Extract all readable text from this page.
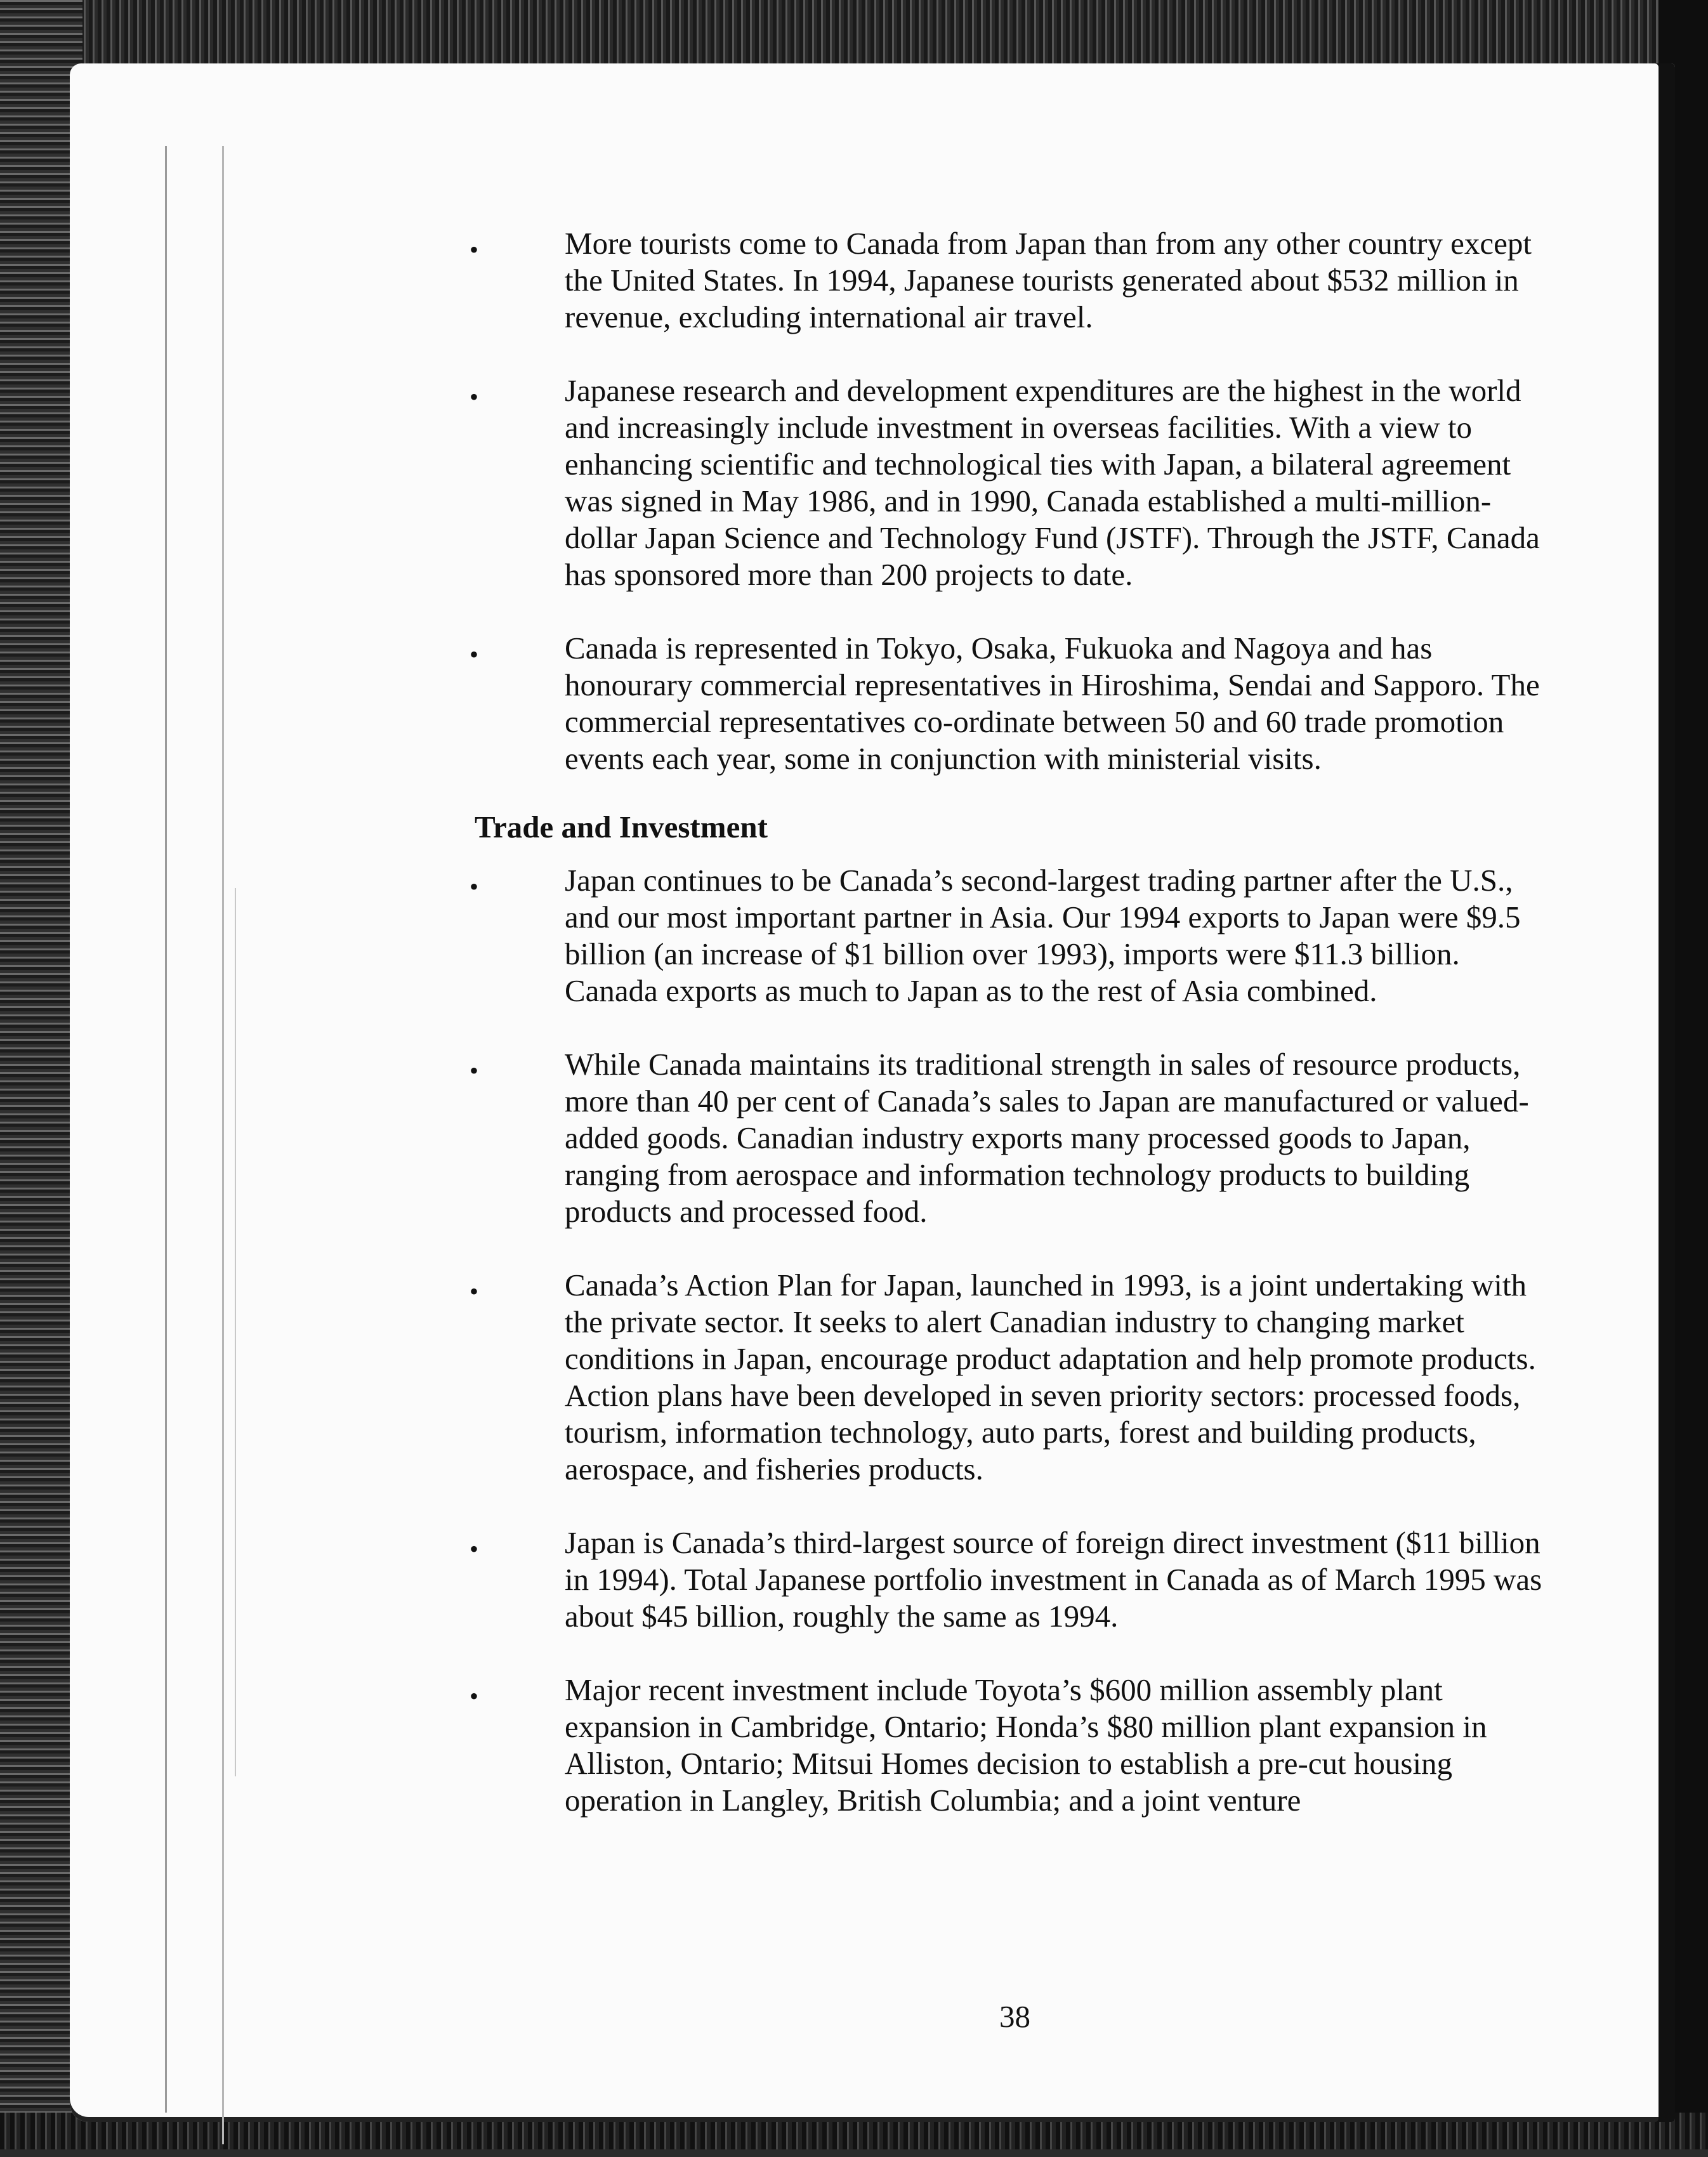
•	More tourists come to Canada from Japan than from any other country except the United States. In 1994, Japanese tourists generated about $532 million in revenue, excluding international air travel.
•	Japanese research and development expenditures are the highest in the world and increasingly include investment in overseas facilities. With a view to enhancing scientific and technological ties with Japan, a bilateral agreement was signed in May 1986, and in 1990, Canada established a multi-million-dollar Japan Science and Technology Fund (JSTF). Through the JSTF, Canada has sponsored more than 200 projects to date.
•	Canada is represented in Tokyo, Osaka, Fukuoka and Nagoya and has honourary commercial representatives in Hiroshima, Sendai and Sapporo. The commercial representatives co-ordinate between 50 and 60 trade promotion events each year, some in conjunction with ministerial visits.
Trade and Investment
•	Japan continues to be Canada’s second-largest trading partner after the U.S., and our most important partner in Asia. Our 1994 exports to Japan were $9.5 billion (an increase of $1 billion over 1993), imports were $11.3 billion. Canada exports as much to Japan as to the rest of Asia combined.
•	While Canada maintains its traditional strength in sales of resource products, more than 40 per cent of Canada’s sales to Japan are manufactured or valued-added goods. Canadian industry exports many processed goods to Japan, ranging from aerospace and information technology products to building products and processed food.
•	Canada’s Action Plan for Japan, launched in 1993, is a joint undertaking with the private sector. It seeks to alert Canadian industry to changing market conditions in Japan, encourage product adaptation and help promote products. Action plans have been developed in seven priority sectors: processed foods, tourism, information technology, auto parts, forest and building products, aerospace, and fisheries products.
•	Japan is Canada’s third-largest source of foreign direct investment ($11 billion in 1994). Total Japanese portfolio investment in Canada as of March 1995 was about $45 billion, roughly the same as 1994.
•	Major recent investment include Toyota’s $600 million assembly plant expansion in Cambridge, Ontario; Honda’s $80 million plant expansion in Alliston, Ontario; Mitsui Homes decision to establish a pre-cut housing operation in Langley, British Columbia; and a joint venture
38
